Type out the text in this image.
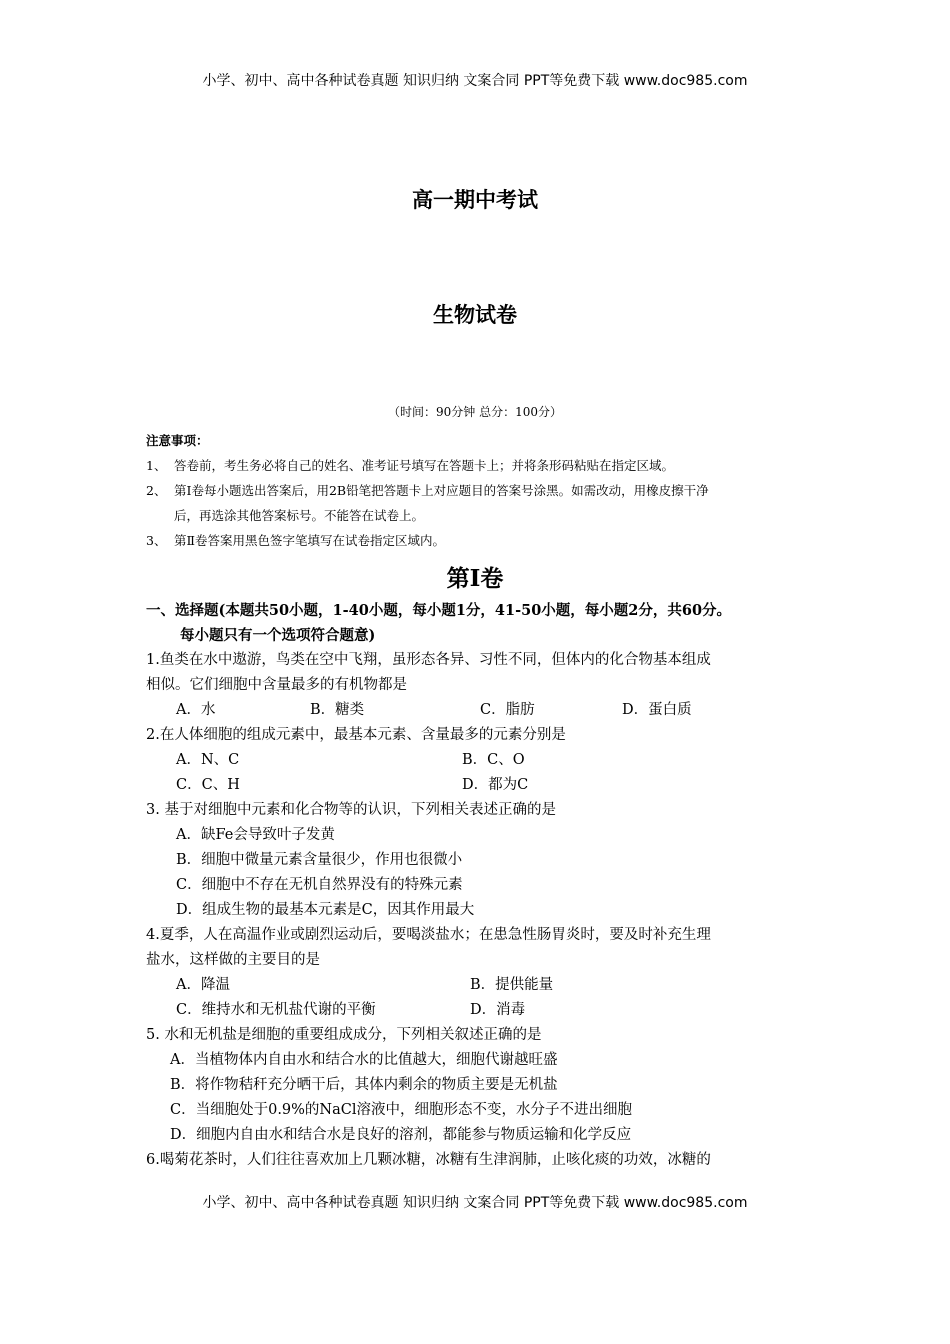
小学、初中、高中各种试卷真题 知识归纳 文案合同 PPT等免费下载 www.doc985.com
高一期中考试
生物试卷
（时间：90分钟 总分：100分）
注意事项：
1、 答卷前，考生务必将自己的姓名、准考证号填写在答题卡上；并将条形码粘贴在指定区域。
2、 第Ⅰ卷每小题选出答案后，用2B铅笔把答题卡上对应题目的答案号涂黑。如需改动，用橡皮擦干净
后，再选涂其他答案标号。不能答在试卷上。
3、 第Ⅱ卷答案用黑色签字笔填写在试卷指定区域内。
第Ⅰ卷
一、选择题(本题共50小题，1-40小题，每小题1分，41-50小题，每小题2分，共60分。
每小题只有一个选项符合题意)
1.鱼类在水中遨游，鸟类在空中飞翔，虽形态各异、习性不同，但体内的化合物基本组成
相似。它们细胞中含量最多的有机物都是
A．水	B．糖类	C．脂肪	D．蛋白质
2.在人体细胞的组成元素中，最基本元素、含量最多的元素分别是
A．N、C	B．C、O
C．C、H	D．都为C
3. 基于对细胞中元素和化合物等的认识，下列相关表述正确的是
A．缺Fe会导致叶子发黄
B．细胞中微量元素含量很少，作用也很微小
C．细胞中不存在无机自然界没有的特殊元素
D．组成生物的最基本元素是C，因其作用最大
4.夏季，人在高温作业或剧烈运动后，要喝淡盐水；在患急性肠胃炎时，要及时补充生理
盐水，这样做的主要目的是
A．降温	B．提供能量
C．维持水和无机盐代谢的平衡	D．消毒
5. 水和无机盐是细胞的重要组成成分，下列相关叙述正确的是
A．当植物体内自由水和结合水的比值越大，细胞代谢越旺盛
B．将作物秸秆充分晒干后，其体内剩余的物质主要是无机盐
C．当细胞处于0.9%的NaCl溶液中，细胞形态不变，水分子不进出细胞
D．细胞内自由水和结合水是良好的溶剂，都能参与物质运输和化学反应
6.喝菊花茶时，人们往往喜欢加上几颗冰糖，冰糖有生津润肺，止咳化痰的功效，冰糖的
小学、初中、高中各种试卷真题 知识归纳 文案合同 PPT等免费下载 www.doc985.com
